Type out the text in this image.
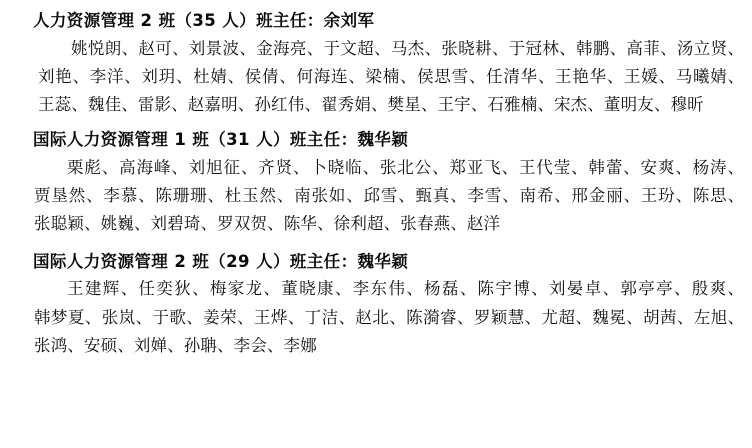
人力资源管理 2 班（35 人）班主任：余刘军
姚悦朗、赵可、刘景波、金海亮、于文超、马杰、张晓耕、于冠林、韩鹏、高菲、汤立贤、刘艳、李洋、刘玥、杜婧、侯倩、何海连、梁楠、侯思雪、任清华、王艳华、王媛、马曦婧、王蕊、魏佳、雷影、赵嘉明、孙红伟、翟秀娟、樊星、王宇、石雅楠、宋杰、董明友、穆昕
国际人力资源管理 1 班（31 人）班主任：魏华颖
栗彪、高海峰、刘旭征、齐贤、卜晓临、张北公、郑亚飞、王代莹、韩蕾、安爽、杨涛、贾垦然、李慕、陈珊珊、杜玉然、南张如、邱雪、甄真、李雪、南希、邢金丽、王玢、陈思、张聪颖、姚巍、刘碧琦、罗双贺、陈华、徐利超、张春燕、赵洋
国际人力资源管理 2 班（29 人）班主任：魏华颖
王建辉、任奕狄、梅家龙、董晓康、李东伟、杨磊、陈宇博、刘晏卓、郭亭亭、殷爽、韩梦夏、张岚、于歌、姜荣、王烨、丁洁、赵北、陈漪睿、罗颖慧、尤超、魏冕、胡茜、左旭、张鸿、安硕、刘婵、孙聃、李会、李娜
